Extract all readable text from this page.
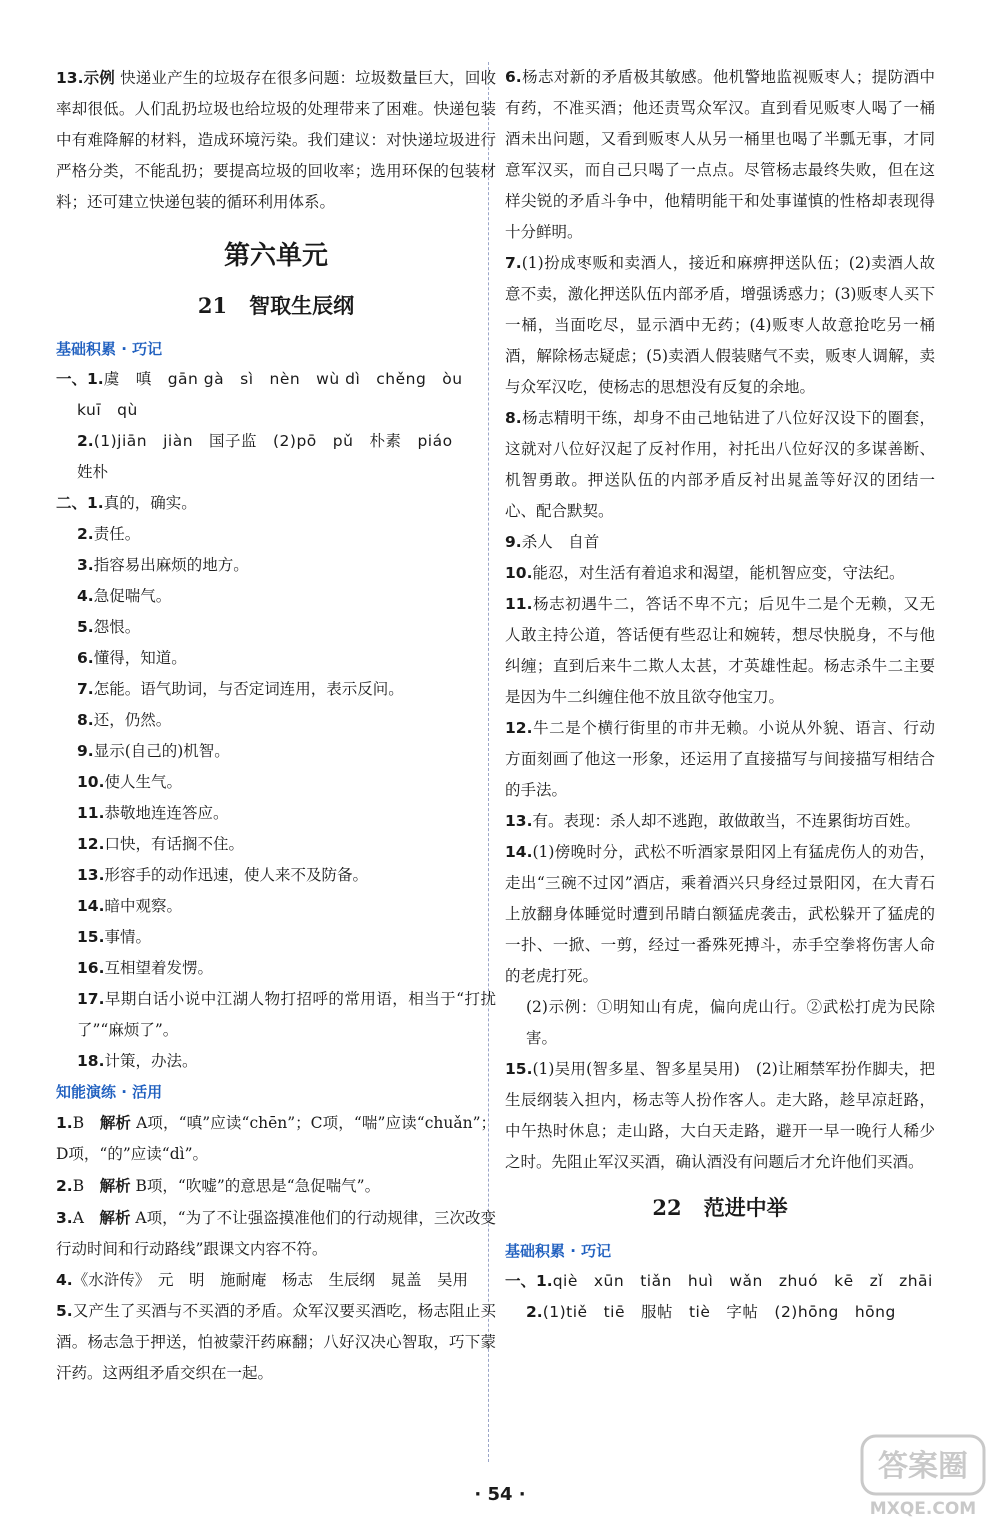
13.示例 快递业产生的垃圾存在很多问题：垃圾数量巨大，回收率却很低。人们乱扔垃圾也给垃圾的处理带来了困难。快递包装中有难降解的材料，造成环境污染。我们建议：对快递垃圾进行严格分类，不能乱扔；要提高垃圾的回收率；选用环保的包装材料；还可建立快递包装的循环利用体系。

第六单元
21 智取生辰纲
基础积累 · 巧记

一、1.虞　嗔　gān gà　sì　nèn　wù dì　chěng　òu

kuī　qù

2.(1)jiān　jiàn　国子监　(2)pō　pǔ　朴素　piáo

姓朴

二、1.真的，确实。

2.责任。

3.指容易出麻烦的地方。

4.急促喘气。

5.怨恨。

6.懂得，知道。

7.怎能。语气助词，与否定词连用，表示反问。

8.还，仍然。

9.显示(自己的)机智。

10.使人生气。

11.恭敬地连连答应。

12.口快，有话搁不住。

13.形容手的动作迅速，使人来不及防备。

14.暗中观察。

15.事情。

16.互相望着发愣。

17.早期白话小说中江湖人物打招呼的常用语，相当于“打扰了”“麻烦了”。

18.计策，办法。

知能演练 · 活用

1.B　解析 A项，“嗔”应读“chēn”；C项，“喘”应读“chuǎn”；D项，“的”应读“dì”。

2.B　解析 B项，“吹嘘”的意思是“急促喘气”。

3.A　解析 A项，“为了不让强盗摸准他们的行动规律，三次改变行动时间和行动路线”跟课文内容不符。

4.《水浒传》　元　明　施耐庵　杨志　生辰纲　晁盖　吴用

5.又产生了买酒与不买酒的矛盾。众军汉要买酒吃，杨志阻止买酒。杨志急于押送，怕被蒙汗药麻翻；八好汉决心智取，巧下蒙汗药。这两组矛盾交织在一起。

6.杨志对新的矛盾极其敏感。他机警地监视贩枣人；提防酒中有药，不准买酒；他还责骂众军汉。直到看见贩枣人喝了一桶酒未出问题，又看到贩枣人从另一桶里也喝了半瓢无事，才同意军汉买，而自己只喝了一点点。尽管杨志最终失败，但在这样尖锐的矛盾斗争中，他精明能干和处事谨慎的性格却表现得十分鲜明。

7.(1)扮成枣贩和卖酒人，接近和麻痹押送队伍；(2)卖酒人故意不卖，激化押送队伍内部矛盾，增强诱惑力；(3)贩枣人买下一桶，当面吃尽，显示酒中无药；(4)贩枣人故意抢吃另一桶酒，解除杨志疑虑；(5)卖酒人假装赌气不卖，贩枣人调解，卖与众军汉吃，使杨志的思想没有反复的余地。

8.杨志精明干练，却身不由己地钻进了八位好汉设下的圈套，这就对八位好汉起了反衬作用，衬托出八位好汉的多谋善断、机智勇敢。押送队伍的内部矛盾反衬出晁盖等好汉的团结一心、配合默契。

9.杀人　自首

10.能忍，对生活有着追求和渴望，能机智应变，守法纪。

11.杨志初遇牛二，答话不卑不亢；后见牛二是个无赖，又无人敢主持公道，答话便有些忍让和婉转，想尽快脱身，不与他纠缠；直到后来牛二欺人太甚，才英雄性起。杨志杀牛二主要是因为牛二纠缠住他不放且欲夺他宝刀。

12.牛二是个横行街里的市井无赖。小说从外貌、语言、行动方面刻画了他这一形象，还运用了直接描写与间接描写相结合的手法。

13.有。表现：杀人却不逃跑，敢做敢当，不连累街坊百姓。

14.(1)傍晚时分，武松不听酒家景阳冈上有猛虎伤人的劝告，走出“三碗不过冈”酒店，乘着酒兴只身经过景阳冈，在大青石上放翻身体睡觉时遭到吊睛白额猛虎袭击，武松躲开了猛虎的一扑、一掀、一剪，经过一番殊死搏斗，赤手空拳将伤害人命的老虎打死。

(2)示例：①明知山有虎，偏向虎山行。②武松打虎为民除害。

15.(1)吴用(智多星、智多星吴用)　(2)让厢禁军扮作脚夫，把生辰纲装入担内，杨志等人扮作客人。走大路，趁早凉赶路，中午热时休息；走山路，大白天走路，避开一早一晚行人稀少之时。先阻止军汉买酒，确认酒没有问题后才允许他们买酒。

22 范进中举
基础积累 · 巧记

一、1.qiè　xūn　tiǎn　huì　wǎn　zhuó　kē　zǐ　zhāi

2.(1)tiě　tiē　服帖　tiè　字帖　(2)hōng　hōng

· 54 ·
答案圈
MXQE.COM
